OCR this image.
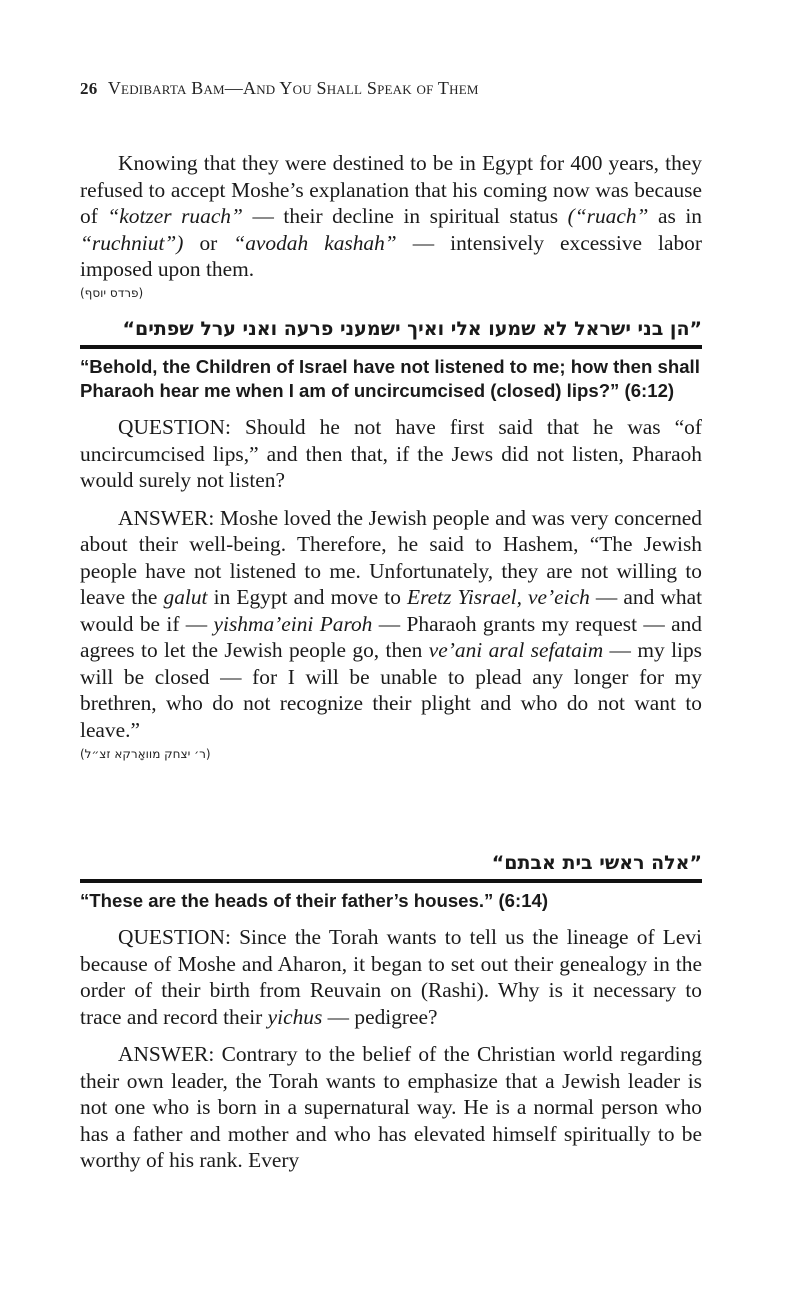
26 Vedibarta Bam—And You Shall Speak of Them

Knowing that they were destined to be in Egypt for 400 years, they refused to accept Moshe’s explanation that his coming now was because of “kotzer ruach” — their decline in spiritual status (“ruach” as in “ruchniut”) or “avodah kashah” — intensively excessive labor imposed upon them.

(פרדס יוסף)

”הן בני ישראל לא שמעו אלי ואיך ישמעני פרעה ואני ערל שפתים“

“Behold, the Children of Israel have not listened to me; how then shall Pharaoh hear me when I am of uncircumcised (closed) lips?” (6:12)

QUESTION: Should he not have first said that he was “of uncircumcised lips,” and then that, if the Jews did not listen, Pharaoh would surely not listen?

ANSWER: Moshe loved the Jewish people and was very concerned about their well-being. Therefore, he said to Hashem, “The Jewish people have not listened to me. Unfortunately, they are not willing to leave the galut in Egypt and move to Eretz Yisrael, ve’eich — and what would be if — yishma’eini Paroh — Pharaoh grants my request — and agrees to let the Jewish people go, then ve’ani aral sefataim — my lips will be closed — for I will be unable to plead any longer for my brethren, who do not recognize their plight and who do not want to leave.”

(ר׳ יצחק מוואָרקא זצ״ל)

”אלה ראשי בית אבתם“

“These are the heads of their father’s houses.” (6:14)

QUESTION: Since the Torah wants to tell us the lineage of Levi because of Moshe and Aharon, it began to set out their genealogy in the order of their birth from Reuvain on (Rashi). Why is it necessary to trace and record their yichus — pedigree?

ANSWER: Contrary to the belief of the Christian world regarding their own leader, the Torah wants to emphasize that a Jewish leader is not one who is born in a supernatural way. He is a normal person who has a father and mother and who has elevated himself spiritually to be worthy of his rank. Every
